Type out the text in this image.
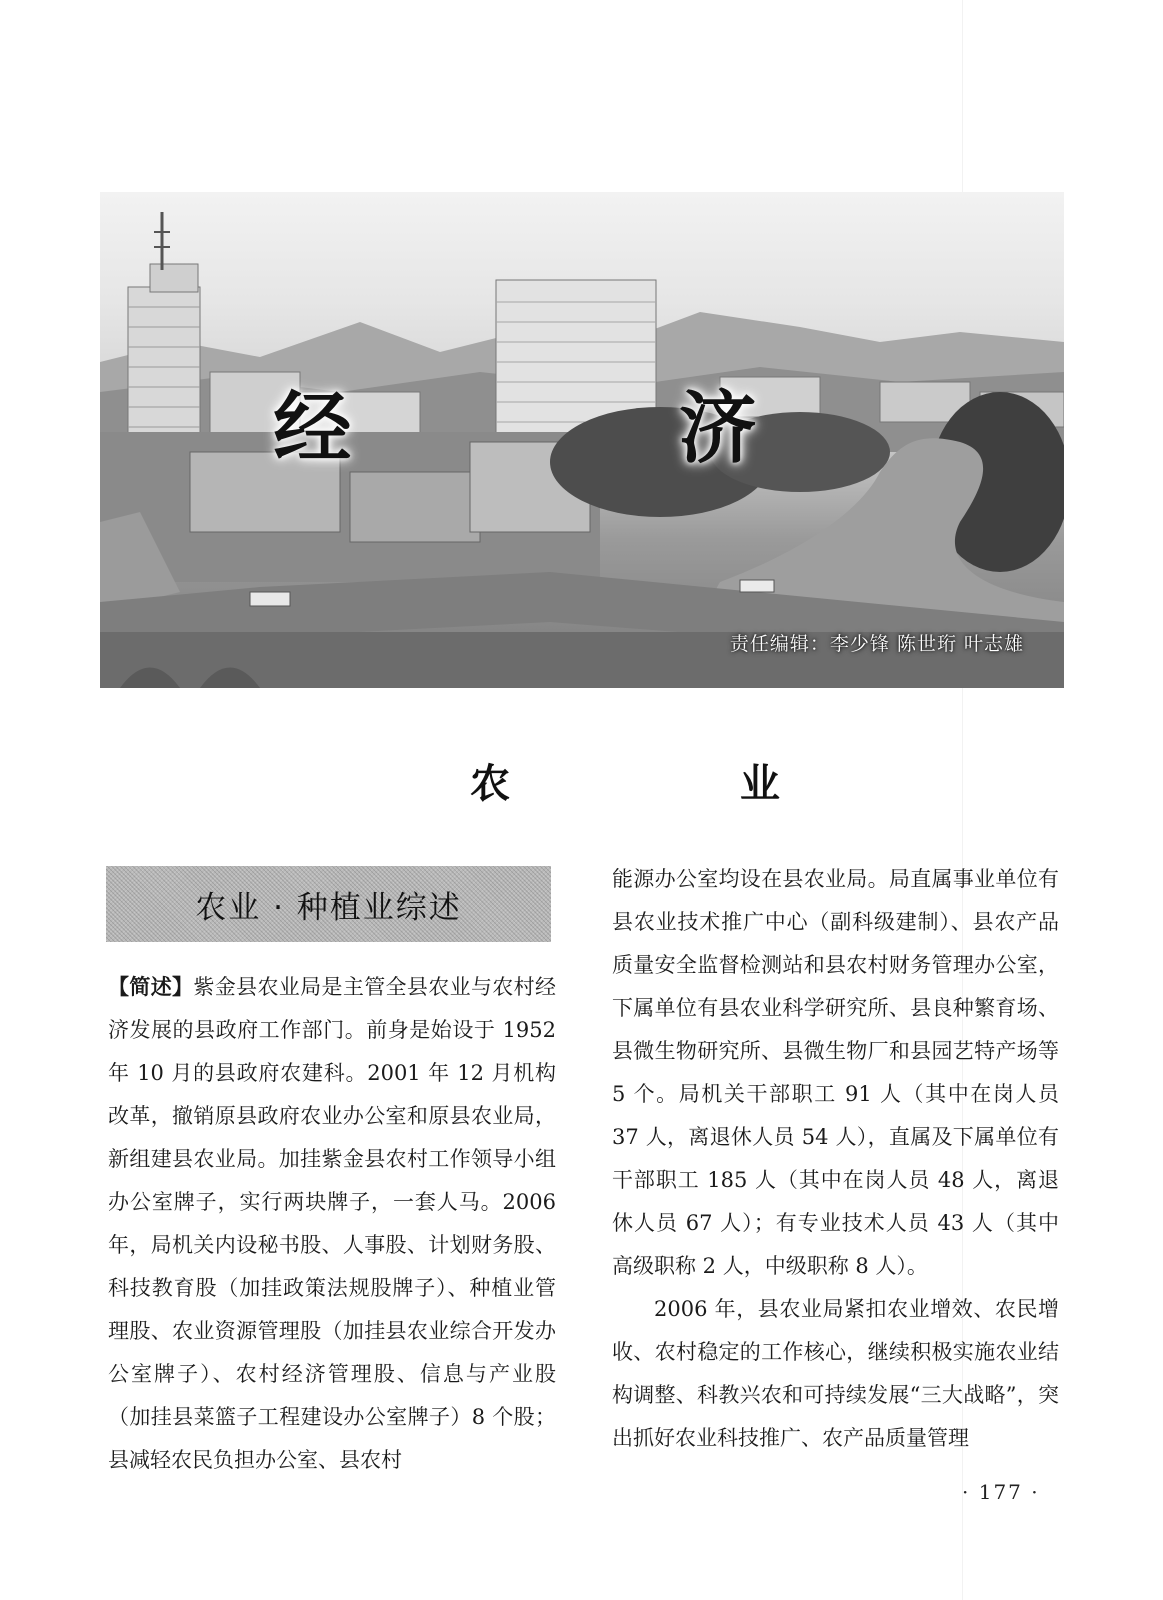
经 济
责任编辑：李少锋 陈世珩 叶志雄
农 业
农业 · 种植业综述

【简述】紫金县农业局是主管全县农业与农村经济发展的县政府工作部门。前身是始设于 1952 年 10 月的县政府农建科。2001 年 12 月机构改革，撤销原县政府农业办公室和原县农业局，新组建县农业局。加挂紫金县农村工作领导小组办公室牌子，实行两块牌子，一套人马。2006 年，局机关内设秘书股、人事股、计划财务股、科技教育股（加挂政策法规股牌子）、种植业管理股、农业资源管理股（加挂县农业综合开发办公室牌子）、农村经济管理股、信息与产业股（加挂县菜篮子工程建设办公室牌子）8 个股；县减轻农民负担办公室、县农村

能源办公室均设在县农业局。局直属事业单位有县农业技术推广中心（副科级建制）、县农产品质量安全监督检测站和县农村财务管理办公室，下属单位有县农业科学研究所、县良种繁育场、县微生物研究所、县微生物厂和县园艺特产场等 5 个。局机关干部职工 91 人（其中在岗人员 37 人，离退休人员 54 人），直属及下属单位有干部职工 185 人（其中在岗人员 48 人，离退休人员 67 人）；有专业技术人员 43 人（其中高级职称 2 人，中级职称 8 人）。

2006 年，县农业局紧扣农业增效、农民增收、农村稳定的工作核心，继续积极实施农业结构调整、科教兴农和可持续发展“三大战略”，突出抓好农业科技推广、农产品质量管理

· 177 ·
